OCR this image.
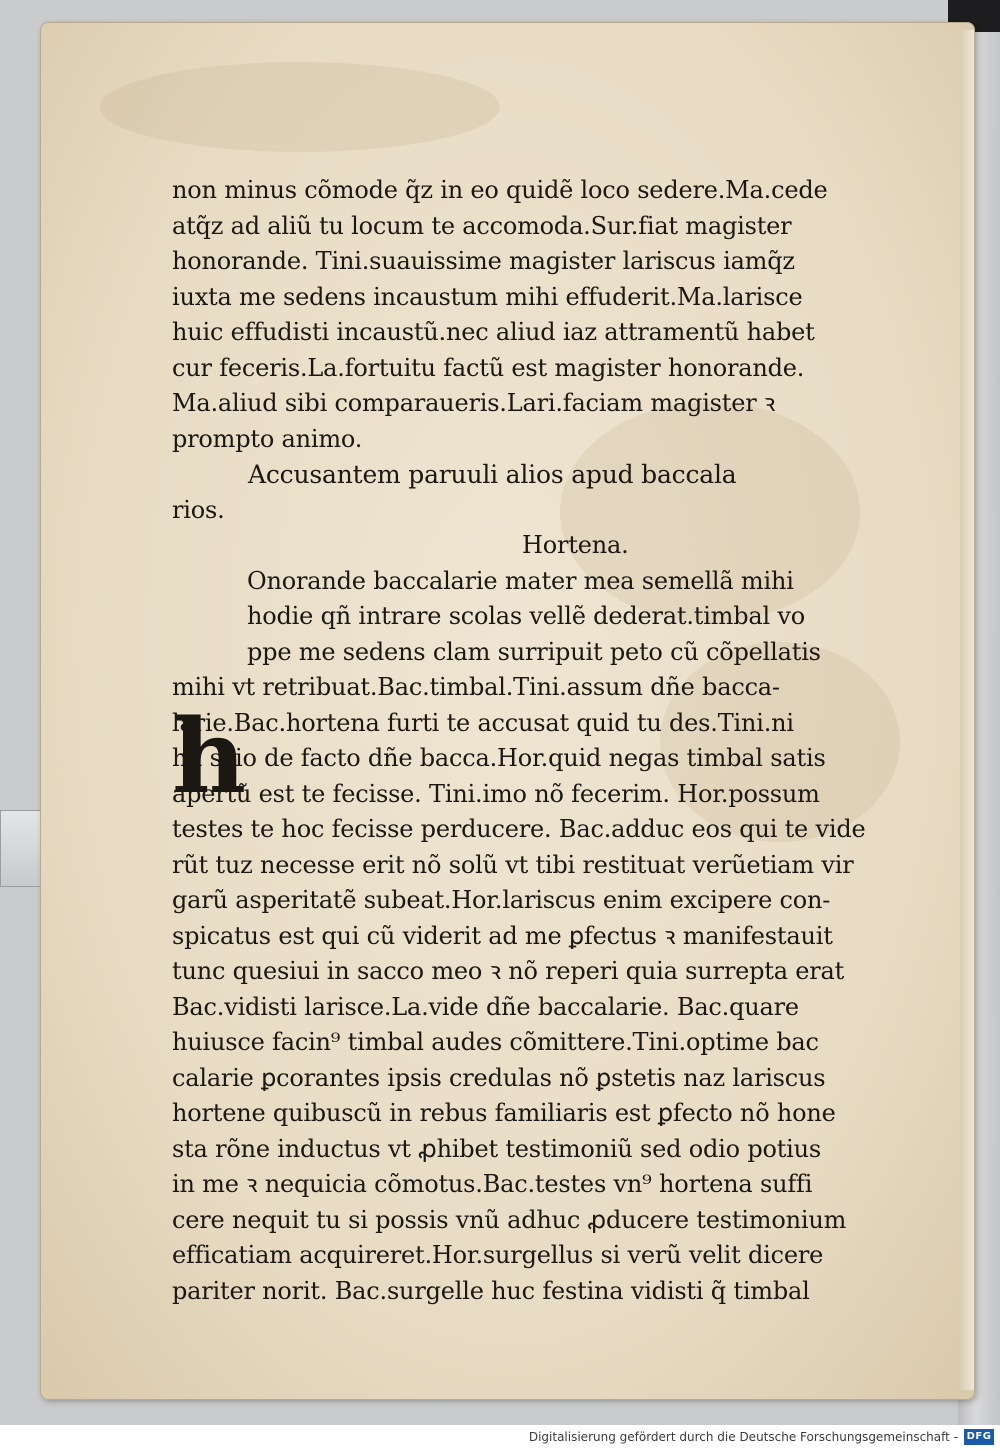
h
non minus cõmode q̃z in eo quidẽ loco sedere.Ma.cede
atq̃z ad aliũ tu locum te accomoda.Sur.fiat magister
honorande. Tini.suauissime magister lariscus iamq̃z
iuxta me sedens incaustum mihi effuderit.Ma.larisce
huic effudisti incaustũ.nec aliud iaz attramentũ habet
cur feceris.La.fortuitu factũ est magister honorande.
Ma.aliud sibi comparaueris.Lari.faciam magister ꝛ
prompto animo.
Accusantem paruuli alios apud baccala
rios.
Hortena.
Onorande baccalarie mater mea semellã mihi
hodie qñ intrare scolas vellẽ dederat.timbal vo
ppe me sedens clam surripuit peto cũ cõpellatis
mihi vt retribuat.Bac.timbal.Tini.assum dñe bacca-
larie.Bac.hortena furti te accusat quid tu des.Tini.ni
hil scio de facto dñe bacca.Hor.quid negas timbal satis
apertũ est te fecisse. Tini.imo nõ fecerim. Hor.possum
testes te hoc fecisse perducere. Bac.adduc eos qui te vide
rũt tuz necesse erit nõ solũ vt tibi restituat verũetiam vir
garũ asperitatẽ subeat.Hor.lariscus enim excipere con-
spicatus est qui cũ viderit ad me ꝑfectus ꝛ manifestauit
tunc quesiui in sacco meo ꝛ nõ reperi quia surrepta erat
Bac.vidisti larisce.La.vide dñe baccalarie. Bac.quare
huiusce facin⁹ timbal audes cõmittere.Tini.optime bac
calarie ꝑcorantes ipsis credulas nõ ꝑstetis naz lariscus
hortene quibuscũ in rebus familiaris est ꝑfecto nõ hone
sta rõne inductus vt ꝓhibet testimoniũ sed odio potius
in me ꝛ nequicia cõmotus.Bac.testes vn⁹ hortena suffi
cere nequit tu si possis vnũ adhuc ꝓducere testimonium
efficatiam acquireret.Hor.surgellus si verũ velit dicere
pariter norit. Bac.surgelle huc festina vidisti q̃ timbal
Digitalisierung gefördert durch die Deutsche Forschungsgemeinschaft - DFG
